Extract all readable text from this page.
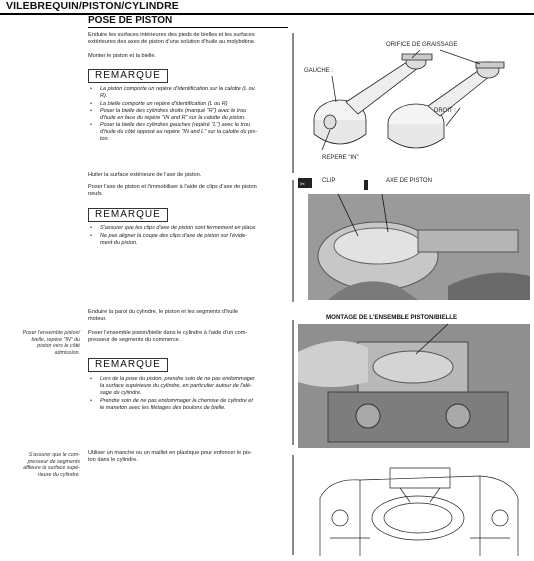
VILEBREQUIN/PISTON/CYLINDRE
POSE DE PISTON
Enduire les surfaces intérieures des pieds de bielles et les surfaces
extérieures des axes de piston d'une solution d'huile au molybdène.
Monter le piston et la bielle.
REMARQUE
• La piston comporte un repère d'identification sur la calotte (L ou
R).
• La bielle comporte un repère d'identification (L ou R)
• Poser la bielle des cylindres droits (marqué "R") avec le trou
d'huile en face du repère "IN and R" sur la calotte du piston.
• Poser la bielle des cylindres gauches (repéré "L") avec le trou
d'huile du côté opposé au repère "IN and L" sur la calotte du pis-
ton.
ORIFICE DE GRAISSAGE
GAUCHE :
DROIT :
REPERE "IN"
Huiler la surface extérieure de l'axe de piston.
Poser l'axe de piston et l'immobiliser à l'aide de clips d'axe de piston
neufs.
REMARQUE
• S'assurer que les clips d'axe de piston sont fermement en place.
• Ne pas aligner la coupe des clips d'axe de piston sur l'évide-
ment du piston.
✂
CLIP	AXE DE PISTON
Enduire la paroi du cylindre, le piston et les segments d'huile
moteur.
Poser l'ensemble piston/bielle dans le cylindre à l'aide d'un com-
presseur de segments du commerce.
Poser l'ensemble piston/
bielle, repère "IN" du
piston vers le côté
admission.
REMARQUE
• Lors de la pose du piston, prendre soin de ne pas endommager
la surface supérieure du cylindre, en particulier autour de l'alé-
sage du cylindre.
• Prendre soin de ne pas endommager la chemise de cylindre et
le maneton avec les filetages des boulons de bielle.
MONTAGE DE L'ENSEMBLE PISTON/BIELLE
S'assurer que le com-
presseur de segments
affleure la surface supé-
rieure du cylindre.
Utiliser un manche ou un maillet en plastique pour enfoncer le pis-
ton dans le cylindre.
